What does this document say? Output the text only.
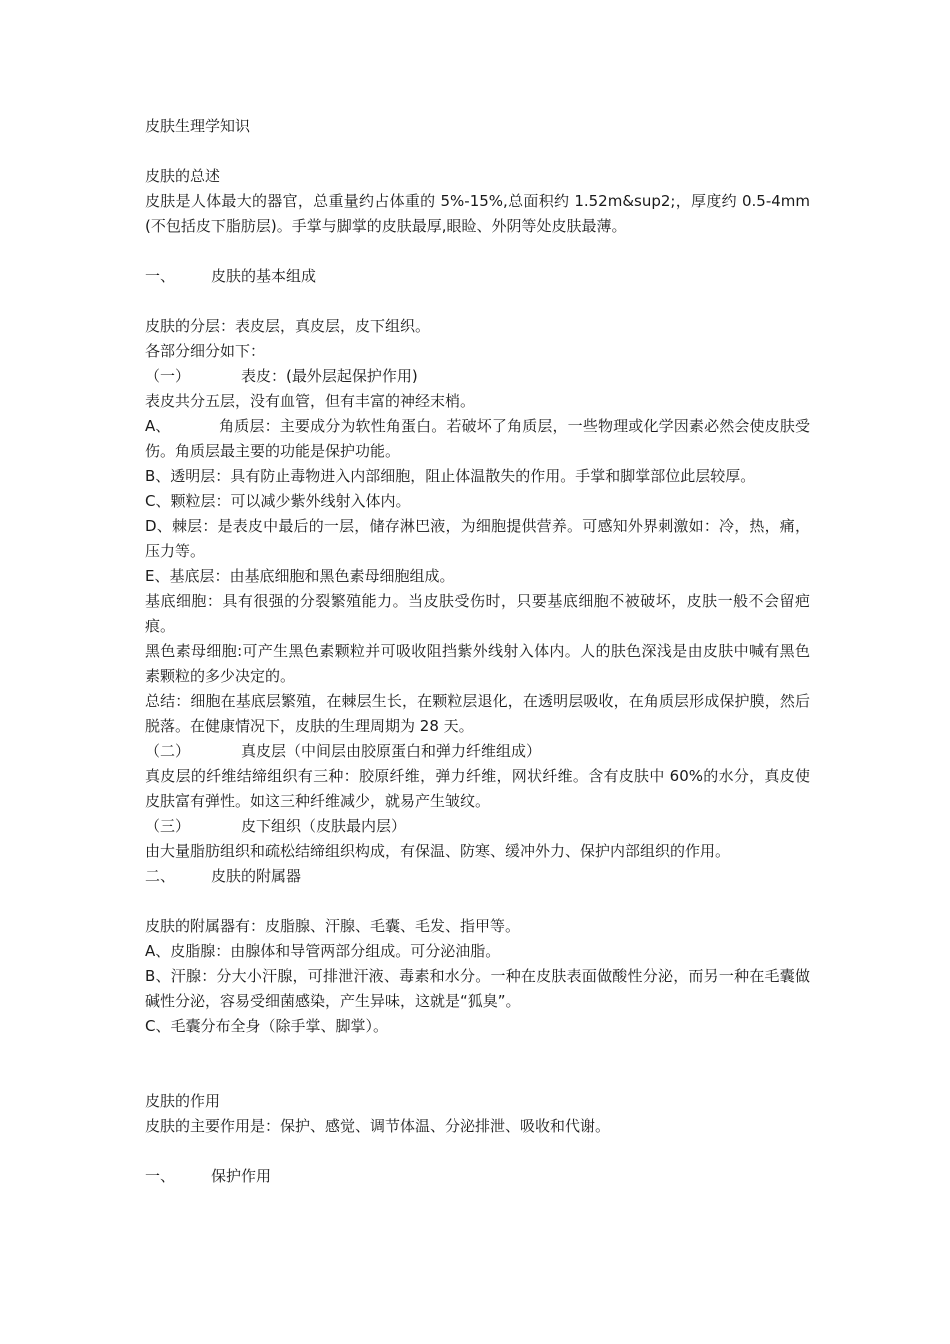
皮肤生理学知识
皮肤的总述
皮肤是人体最大的器官，总重量约占体重的 5%-15%,总面积约 1.52m&sup2;，厚度约 0.5-4mm(不包括皮下脂肪层)。手掌与脚掌的皮肤最厚,眼睑、外阴等处皮肤最薄。
一、 皮肤的基本组成
皮肤的分层：表皮层，真皮层，皮下组织。
各部分细分如下：
（一）	表皮：(最外层起保护作用)
表皮共分五层，没有血管，但有丰富的神经末梢。
A、	角质层：主要成分为软性角蛋白。若破坏了角质层，一些物理或化学因素必然会使皮肤受伤。角质层最主要的功能是保护功能。
B、透明层：具有防止毒物进入内部细胞，阻止体温散失的作用。手掌和脚掌部位此层较厚。
C、颗粒层：可以减少紫外线射入体内。
D、棘层：是表皮中最后的一层，储存淋巴液，为细胞提供营养。可感知外界刺激如：冷，热，痛，压力等。
E、基底层：由基底细胞和黑色素母细胞组成。
基底细胞：具有很强的分裂繁殖能力。当皮肤受伤时，只要基底细胞不被破坏，皮肤一般不会留疤痕。
黑色素母细胞:可产生黑色素颗粒并可吸收阻挡紫外线射入体内。人的肤色深浅是由皮肤中喊有黑色素颗粒的多少决定的。
总结：细胞在基底层繁殖，在棘层生长，在颗粒层退化，在透明层吸收，在角质层形成保护膜，然后脱落。在健康情况下，皮肤的生理周期为 28 天。
（二）	真皮层（中间层由胶原蛋白和弹力纤维组成）
真皮层的纤维结缔组织有三种：胶原纤维，弹力纤维，网状纤维。含有皮肤中 60%的水分，真皮使皮肤富有弹性。如这三种纤维减少，就易产生皱纹。
（三）	皮下组织（皮肤最内层）
由大量脂肪组织和疏松结缔组织构成，有保温、防寒、缓冲外力、保护内部组织的作用。
二、 皮肤的附属器
皮肤的附属器有：皮脂腺、汗腺、毛囊、毛发、指甲等。
A、皮脂腺：由腺体和导管两部分组成。可分泌油脂。
B、汗腺：分大小汗腺，可排泄汗液、毒素和水分。一种在皮肤表面做酸性分泌，而另一种在毛囊做碱性分泌，容易受细菌感染，产生异味，这就是“狐臭”。
C、毛囊分布全身（除手掌、脚掌）。
皮肤的作用
皮肤的主要作用是：保护、感觉、调节体温、分泌排泄、吸收和代谢。
一、 保护作用
